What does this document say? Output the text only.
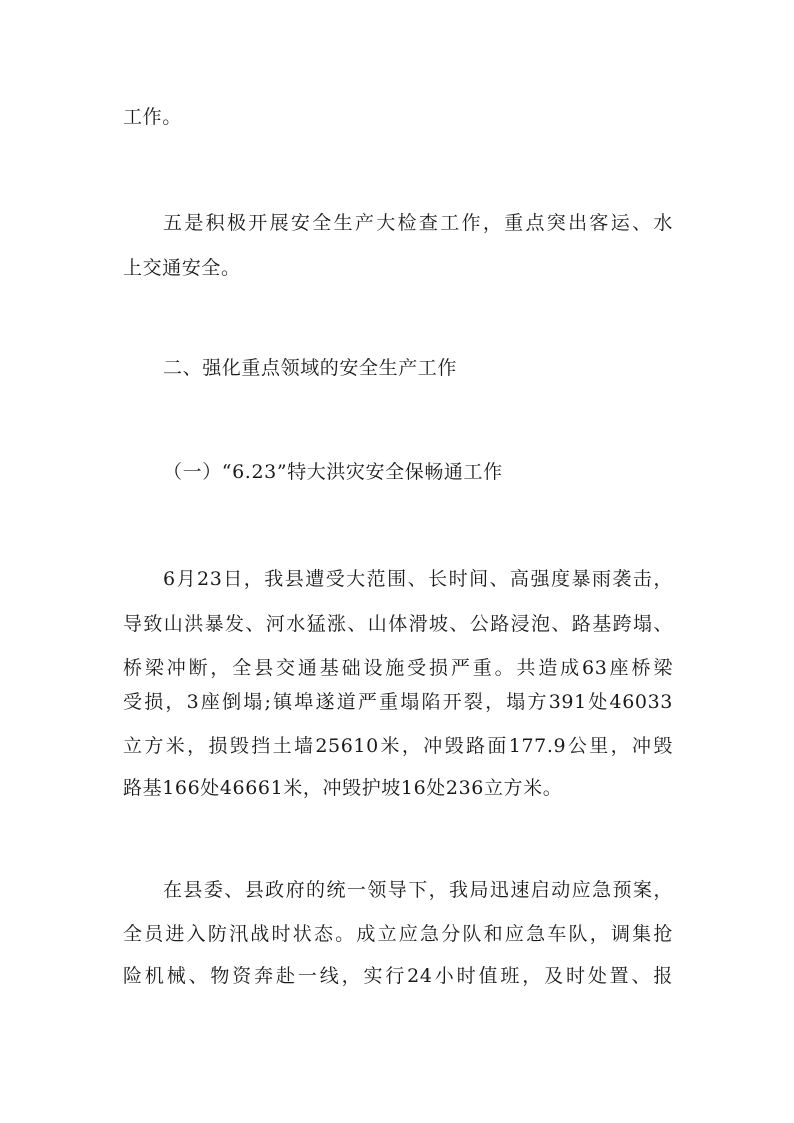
工作。
五是积极开展安全生产大检查工作，重点突出客运、水
上交通安全。
二、强化重点领域的安全生产工作
（一）“6.23”特大洪灾安全保畅通工作
6月23日，我县遭受大范围、长时间、高强度暴雨袭击，
导致山洪暴发、河水猛涨、山体滑坡、公路浸泡、路基跨塌、
桥梁冲断，全县交通基础设施受损严重。共造成63座桥梁
受损，3座倒塌;镇埠遂道严重塌陷开裂，塌方391处46033
立方米，损毁挡土墙25610米，冲毁路面177.9公里，冲毁
路基166处46661米，冲毁护坡16处236立方米。
在县委、县政府的统一领导下，我局迅速启动应急预案，
全员进入防汛战时状态。成立应急分队和应急车队，调集抢
险机械、物资奔赴一线，实行24小时值班，及时处置、报
